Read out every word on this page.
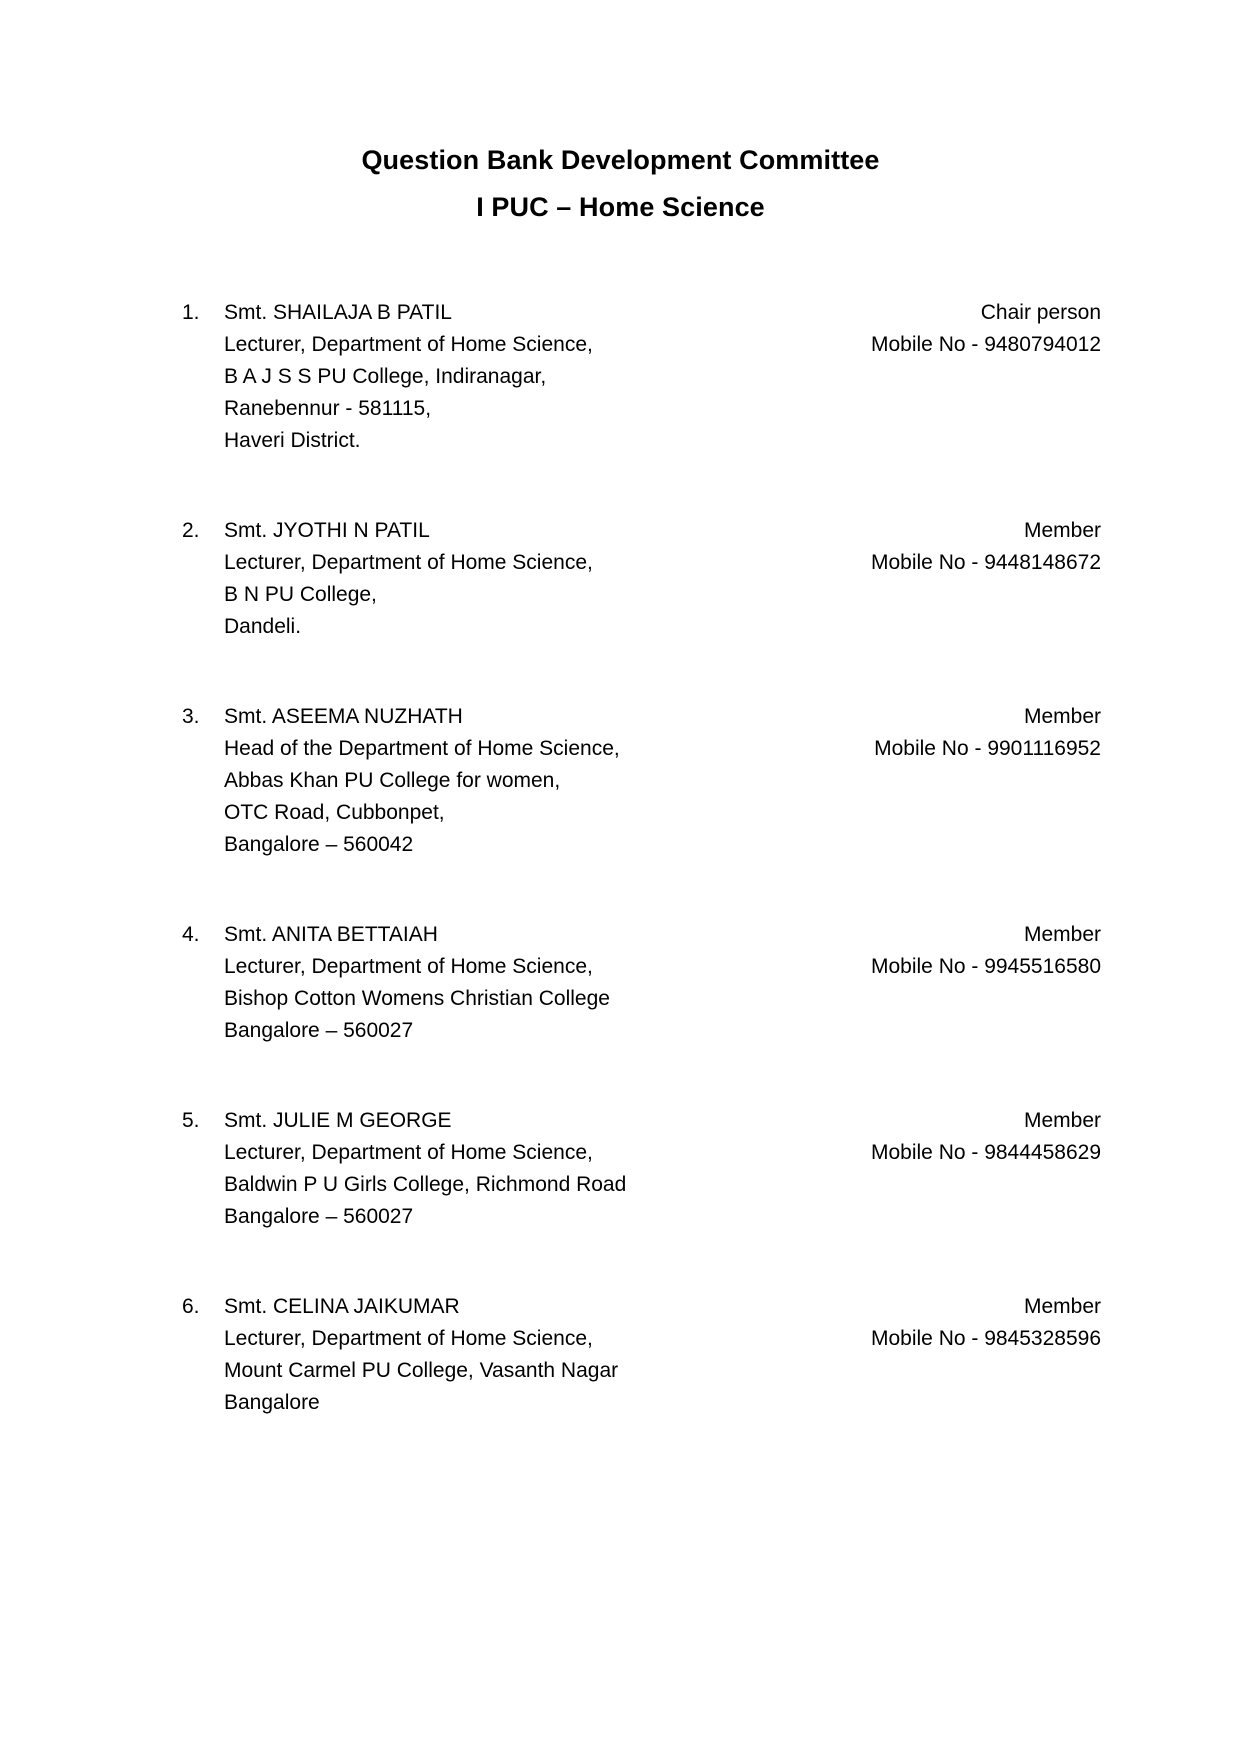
Question Bank Development Committee
I PUC – Home Science
1.	Smt. SHAILAJA B PATIL
Lecturer, Department of Home Science,
B A J S S PU College, Indiranagar,
Ranebennur - 581115,
Haveri District.
Chair person
Mobile No - 9480794012
2.	Smt. JYOTHI N PATIL
Lecturer, Department of Home Science,
B N PU College,
Dandeli.
Member
Mobile No - 9448148672
3.	Smt. ASEEMA NUZHATH
Head of the Department of Home Science,
Abbas Khan PU College for women,
OTC Road, Cubbonpet,
Bangalore – 560042
Member
Mobile No - 9901116952
4.	Smt. ANITA BETTAIAH
Lecturer, Department of Home Science,
Bishop Cotton Womens Christian College
Bangalore – 560027
Member
Mobile No - 9945516580
5.	Smt. JULIE M GEORGE
Lecturer, Department of Home Science,
Baldwin P U Girls College, Richmond Road
Bangalore – 560027
Member
Mobile No - 9844458629
6.	Smt. CELINA JAIKUMAR
Lecturer, Department of Home Science,
Mount Carmel PU College, Vasanth Nagar
Bangalore
Member
Mobile No - 9845328596
